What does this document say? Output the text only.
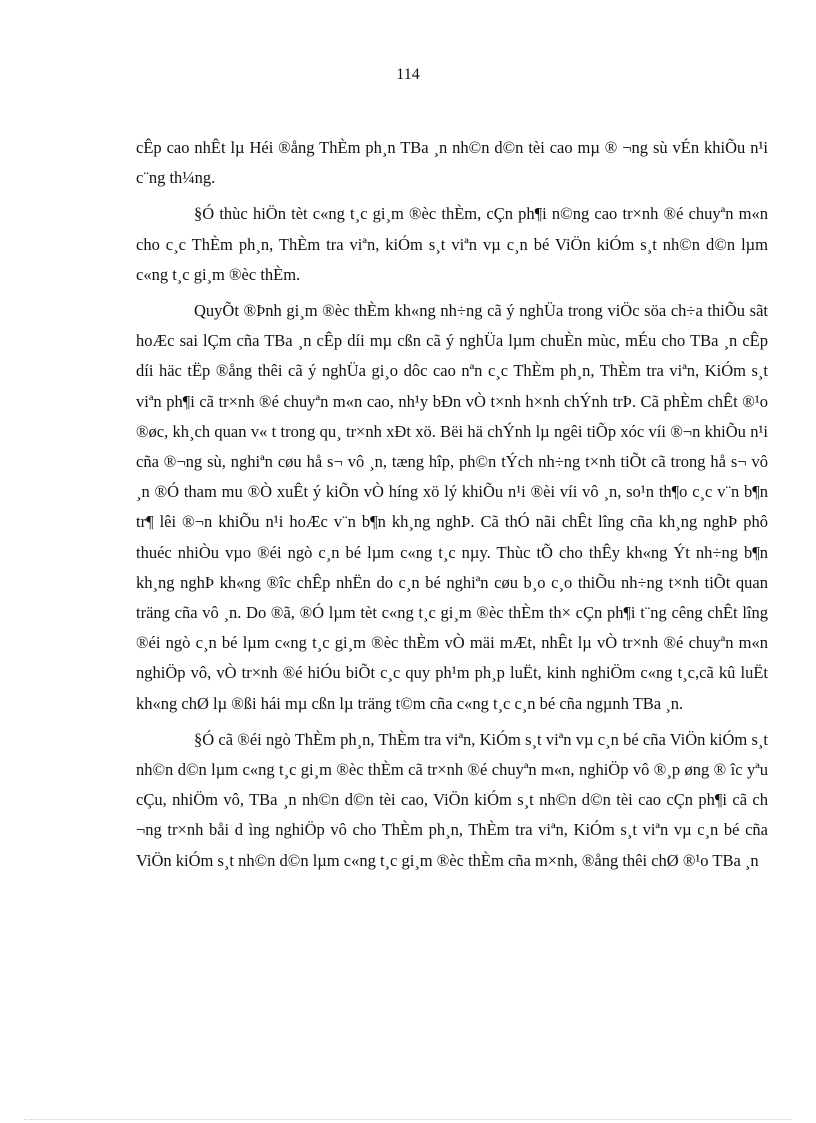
114

cÊp cao nhÊt lµ Héi ®ång ThÈm ph¸n TBa ¸n nh©n d©n tèi cao mµ ® ¬ng sù vÉn khiÕu n¹i c¨ng th¼ng.

§Ó thùc hiÖn tèt c«ng t¸c gi¸m ®èc thÈm, cÇn ph¶i n©ng cao tr×nh ®é chuyªn m«n cho c¸c ThÈm ph¸n, ThÈm tra viªn, kiÓm s¸t viªn vµ c¸n bé ViÖn kiÓm s¸t nh©n d©n lµm c«ng t¸c gi¸m ®èc thÈm.

QuyÕt ®Þnh gi¸m ®èc thÈm kh«ng nh÷ng cã ý nghÜa trong viÖc söa ch÷a thiÕu sãt hoÆc sai lÇm cña TBa ¸n cÊp díi mµ cßn cã ý nghÜa lµm chuÈn mùc, mÉu cho TBa ¸n cÊp díi häc tËp ®ång thêi cã ý nghÜa gi¸o dôc cao nªn c¸c ThÈm ph¸n, ThÈm tra viªn, KiÓm s¸t viªn ph¶i cã tr×nh ®é chuyªn m«n cao, nh¹y bÐn vÒ t×nh h×nh chÝnh trÞ. Cã phÈm chÊt ®¹o ®øc, kh¸ch quan v« t trong qu¸ tr×nh xÐt xö. Bëi hä chÝnh lµ ngêi tiÕp xóc víi ®¬n khiÕu n¹i cña ®¬ng sù, nghiªn cøu hå s¬ vô ¸n, tæng hîp, ph©n tÝch nh÷ng t×nh tiÕt cã trong hå s¬ vô ¸n ®Ó tham mu ®Ò xuÊt ý kiÕn vÒ híng xö lý khiÕu n¹i ®èi víi vô ¸n, so¹n th¶o c¸c v¨n b¶n tr¶ lêi ®¬n khiÕu n¹i hoÆc v¨n b¶n kh¸ng nghÞ. Cã thÓ nãi chÊt lîng cña kh¸ng nghÞ phô thuéc nhiÒu vµo ®éi ngò c¸n bé lµm c«ng t¸c nµy. Thùc tÕ cho thÊy kh«ng Ýt nh÷ng b¶n kh¸ng nghÞ kh«ng ®îc chÊp nhËn do c¸n bé nghiªn cøu b¸o c¸o thiÕu nh÷ng t×nh tiÕt quan träng cña vô ¸n. Do ®ã, ®Ó lµm tèt c«ng t¸c gi¸m ®èc thÈm th× cÇn ph¶i t¨ng cêng chÊt lîng ®éi ngò c¸n bé lµm c«ng t¸c gi¸m ®èc thÈm vÒ mäi mÆt, nhÊt lµ vÒ tr×nh ®é chuyªn m«n nghiÖp vô, vÒ tr×nh ®é hiÓu biÕt c¸c quy ph¹m ph¸p luËt, kinh nghiÖm c«ng t¸c,cã kû luËt kh«ng chØ lµ ®ßi hái mµ cßn lµ träng t©m cña c«ng t¸c c¸n bé cña ngµnh TBa ¸n.

§Ó cã ®éi ngò ThÈm ph¸n, ThÈm tra viªn, KiÓm s¸t viªn vµ c¸n bé cña ViÖn kiÓm s¸t nh©n d©n lµm c«ng t¸c gi¸m ®èc thÈm cã tr×nh ®é chuyªn m«n, nghiÖp vô ®¸p øng ® îc yªu cÇu, nhiÖm vô, TBa ¸n nh©n d©n tèi cao, ViÖn kiÓm s¸t nh©n d©n tèi cao cÇn ph¶i cã ch ¬ng tr×nh båi d ìng nghiÖp vô cho ThÈm ph¸n, ThÈm tra viªn, KiÓm s¸t viªn vµ c¸n bé cña ViÖn kiÓm s¸t nh©n d©n lµm c«ng t¸c gi¸m ®èc thÈm cña m×nh, ®ång thêi chØ ®¹o TBa ¸n
